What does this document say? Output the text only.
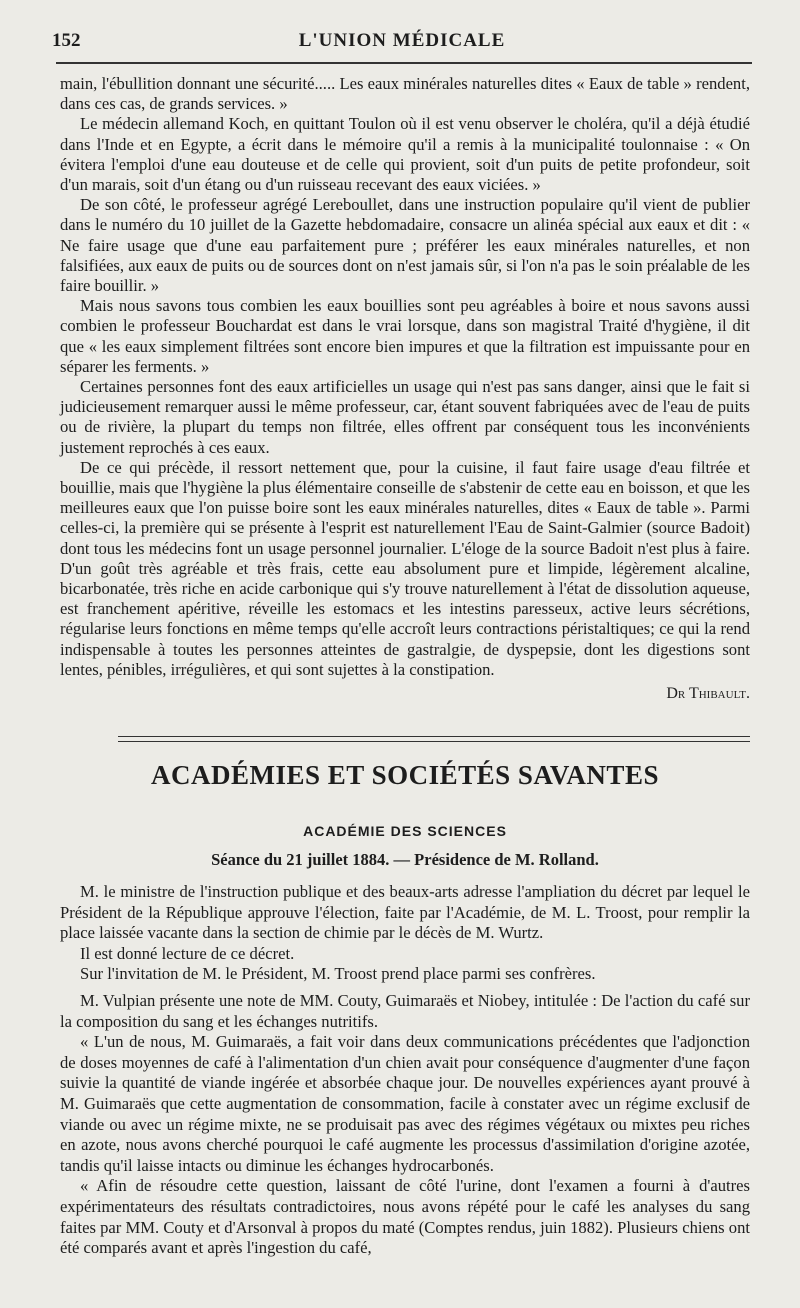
152	L'UNION MÉDICALE

main, l'ébullition donnant une sécurité..... Les eaux minérales naturelles dites « Eaux de table » rendent, dans ces cas, de grands services. »

Le médecin allemand Koch, en quittant Toulon où il est venu observer le choléra, qu'il a déjà étudié dans l'Inde et en Egypte, a écrit dans le mémoire qu'il a remis à la municipalité toulonnaise : « On évitera l'emploi d'une eau douteuse et de celle qui provient, soit d'un puits de petite profondeur, soit d'un marais, soit d'un étang ou d'un ruisseau recevant des eaux viciées. »

De son côté, le professeur agrégé Lereboullet, dans une instruction populaire qu'il vient de publier dans le numéro du 10 juillet de la Gazette hebdomadaire, consacre un alinéa spécial aux eaux et dit : « Ne faire usage que d'une eau parfaitement pure ; préférer les eaux minérales naturelles, et non falsifiées, aux eaux de puits ou de sources dont on n'est jamais sûr, si l'on n'a pas le soin préalable de les faire bouillir. »

Mais nous savons tous combien les eaux bouillies sont peu agréables à boire et nous savons aussi combien le professeur Bouchardat est dans le vrai lorsque, dans son magistral Traité d'hygiène, il dit que « les eaux simplement filtrées sont encore bien impures et que la filtration est impuissante pour en séparer les ferments. »

Certaines personnes font des eaux artificielles un usage qui n'est pas sans danger, ainsi que le fait si judicieusement remarquer aussi le même professeur, car, étant souvent fabriquées avec de l'eau de puits ou de rivière, la plupart du temps non filtrée, elles offrent par conséquent tous les inconvénients justement reprochés à ces eaux.

De ce qui précède, il ressort nettement que, pour la cuisine, il faut faire usage d'eau filtrée et bouillie, mais que l'hygiène la plus élémentaire conseille de s'abstenir de cette eau en boisson, et que les meilleures eaux que l'on puisse boire sont les eaux minérales naturelles, dites « Eaux de table ». Parmi celles-ci, la première qui se présente à l'esprit est naturellement l'Eau de Saint-Galmier (source Badoit) dont tous les médecins font un usage personnel journalier. L'éloge de la source Badoit n'est plus à faire. D'un goût très agréable et très frais, cette eau absolument pure et limpide, légèrement alcaline, bicarbonatée, très riche en acide carbonique qui s'y trouve naturellement à l'état de dissolution aqueuse, est franchement apéritive, réveille les estomacs et les intestins paresseux, active leurs sécrétions, régularise leurs fonctions en même temps qu'elle accroît leurs contractions péristaltiques; ce qui la rend indispensable à toutes les personnes atteintes de gastralgie, de dyspepsie, dont les digestions sont lentes, pénibles, irrégulières, et qui sont sujettes à la constipation.

Dr Thibault.
ACADÉMIES ET SOCIÉTÉS SAVANTES
ACADÉMIE DES SCIENCES
Séance du 21 juillet 1884. — Présidence de M. Rolland.

M. le ministre de l'instruction publique et des beaux-arts adresse l'ampliation du décret par lequel le Président de la République approuve l'élection, faite par l'Académie, de M. L. Troost, pour remplir la place laissée vacante dans la section de chimie par le décès de M. Wurtz.

Il est donné lecture de ce décret.

Sur l'invitation de M. le Président, M. Troost prend place parmi ses confrères.

M. Vulpian présente une note de MM. Couty, Guimaraës et Niobey, intitulée : De l'action du café sur la composition du sang et les échanges nutritifs.

« L'un de nous, M. Guimaraës, a fait voir dans deux communications précédentes que l'adjonction de doses moyennes de café à l'alimentation d'un chien avait pour conséquence d'augmenter d'une façon suivie la quantité de viande ingérée et absorbée chaque jour. De nouvelles expériences ayant prouvé à M. Guimaraës que cette augmentation de consommation, facile à constater avec un régime exclusif de viande ou avec un régime mixte, ne se produisait pas avec des régimes végétaux ou mixtes peu riches en azote, nous avons cherché pourquoi le café augmente les processus d'assimilation d'origine azotée, tandis qu'il laisse intacts ou diminue les échanges hydrocarbonés.

« Afin de résoudre cette question, laissant de côté l'urine, dont l'examen a fourni à d'autres expérimentateurs des résultats contradictoires, nous avons répété pour le café les analyses du sang faites par MM. Couty et d'Arsonval à propos du maté (Comptes rendus, juin 1882). Plusieurs chiens ont été comparés avant et après l'ingestion du café,
